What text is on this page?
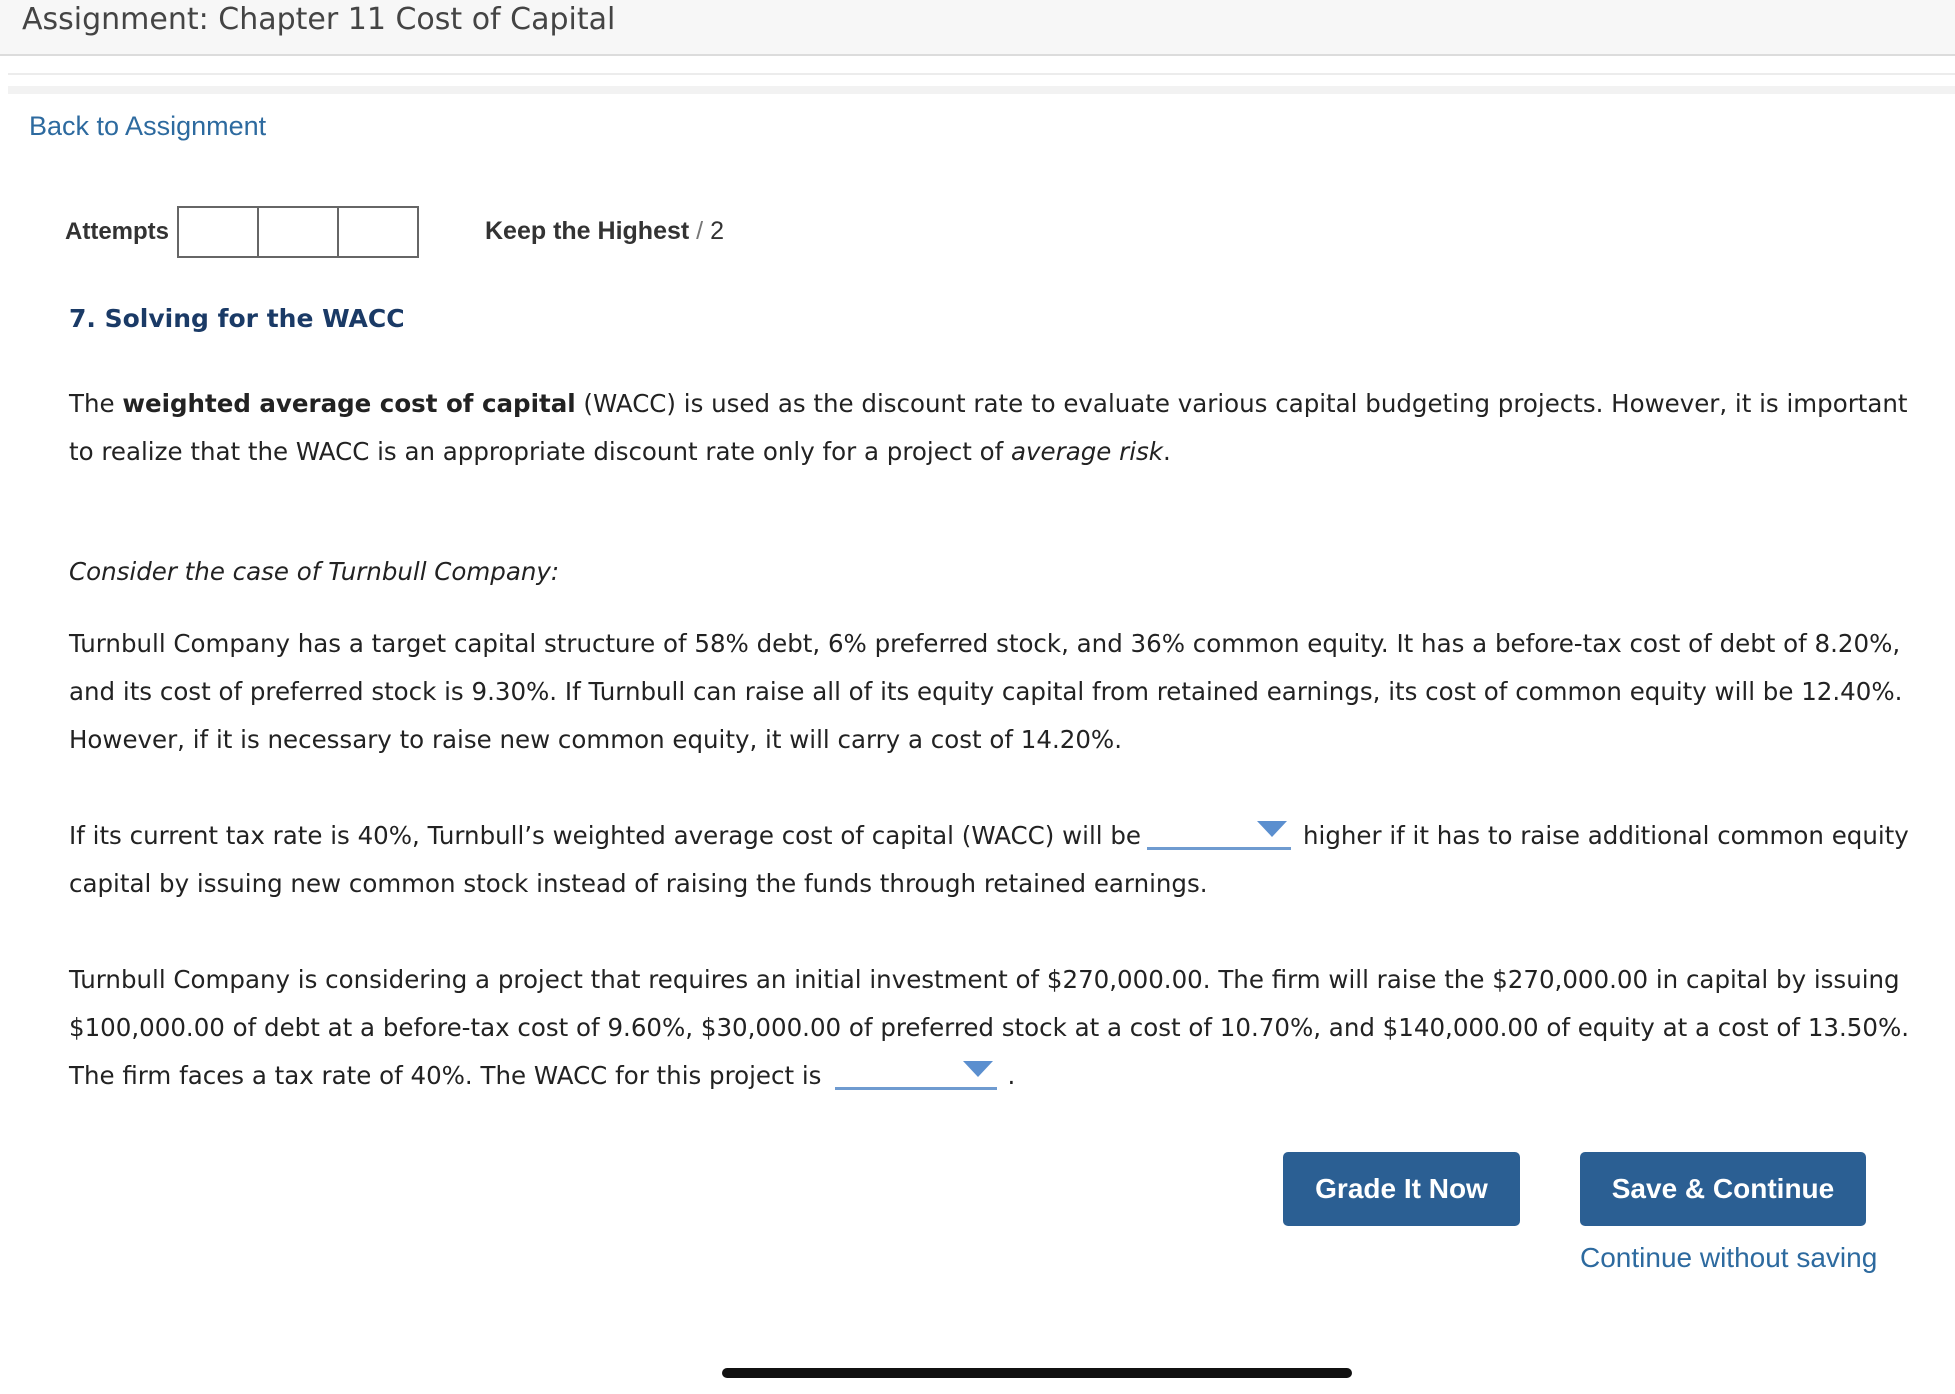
Assignment: Chapter 11 Cost of Capital
Back to Assignment
Attempts	Keep the Highest / 2
7. Solving for the WACC
The weighted average cost of capital (WACC) is used as the discount rate to evaluate various capital budgeting projects. However, it is important to realize that the WACC is an appropriate discount rate only for a project of average risk.
Consider the case of Turnbull Company:
Turnbull Company has a target capital structure of 58% debt, 6% preferred stock, and 36% common equity. It has a before-tax cost of debt of 8.20%, and its cost of preferred stock is 9.30%. If Turnbull can raise all of its equity capital from retained earnings, its cost of common equity will be 12.40%. However, if it is necessary to raise new common equity, it will carry a cost of 14.20%.
If its current tax rate is 40%, Turnbull’s weighted average cost of capital (WACC) will be	higher if it has to raise additional common equity capital by issuing new common stock instead of raising the funds through retained earnings.
Turnbull Company is considering a project that requires an initial investment of $270,000.00. The firm will raise the $270,000.00 in capital by issuing $100,000.00 of debt at a before-tax cost of 9.60%, $30,000.00 of preferred stock at a cost of 10.70%, and $140,000.00 of equity at a cost of 13.50%. The firm faces a tax rate of 40%. The WACC for this project is	.
Grade It Now	Save & Continue
Continue without saving
